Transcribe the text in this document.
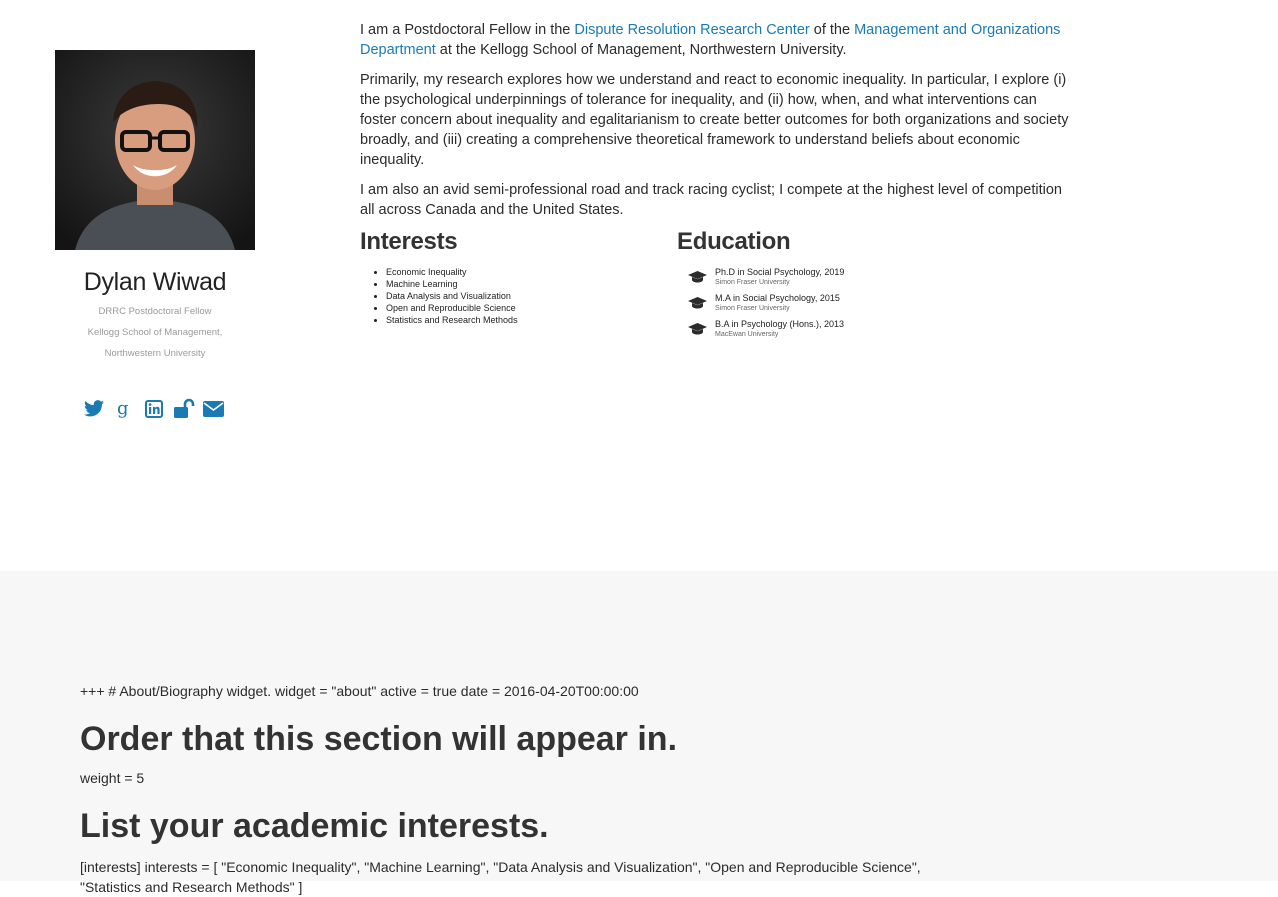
Dylan Wiwad
DRRC Postdoctoral Fellow
Kellogg School of Management,
Northwestern University
g

I am a Postdoctoral Fellow in the Dispute Resolution Research Center of the Management and Organizations Department at the Kellogg School of Management, Northwestern University.

Primarily, my research explores how we understand and react to economic inequality. In particular, I explore (i) the psychological underpinnings of tolerance for inequality, and (ii) how, when, and what interventions can foster concern about inequality and egalitarianism to create better outcomes for both organizations and society broadly, and (iii) creating a comprehensive theoretical framework to understand beliefs about economic inequality.

I am also an avid semi-professional road and track racing cyclist; I compete at the highest level of competition all across Canada and the United States.

Interests
• Economic Inequality
• Machine Learning
• Data Analysis and Visualization
• Open and Reproducible Science
• Statistics and Research Methods
Education
Ph.D in Social Psychology, 2019
Simon Fraser University
M.A in Social Psychology, 2015
Simon Fraser University
B.A in Psychology (Hons.), 2013
MacEwan University
+++ # About/Biography widget. widget = "about" active = true date = 2016-04-20T00:00:00
Order that this section will appear in.
weight = 5
List your academic interests.
[interests] interests = [ "Economic Inequality", "Machine Learning", "Data Analysis and Visualization", "Open and Reproducible Science", "Statistics and Research Methods" ]
